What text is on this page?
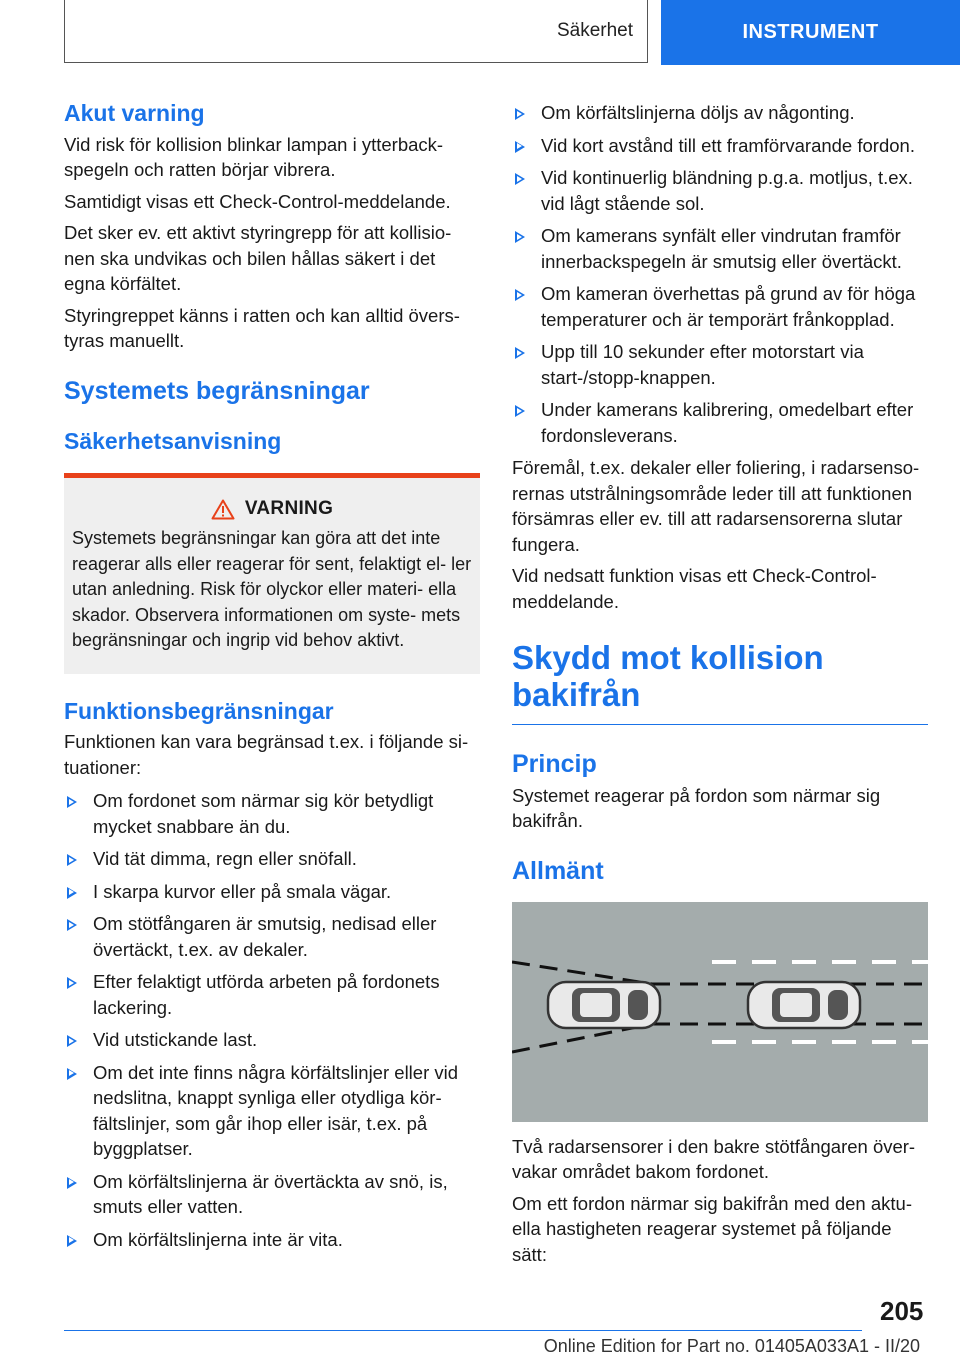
Säkerhet	INSTRUMENT
Akut varning

Vid risk för kollision blinkar lampan i ytterback- spegeln och ratten börjar vibrera.

Samtidigt visas ett Check-Control-meddelande.

Det sker ev. ett aktivt styringrepp för att kollisio- nen ska undvikas och bilen hållas säkert i det egna körfältet.

Styringreppet känns i ratten och kan alltid övers- tyras manuellt.

Systemets begränsningar
Säkerhetsanvisning
VARNING

Systemets begränsningar kan göra att det inte reagerar alls eller reagerar för sent, felaktigt el- ler utan anledning. Risk för olyckor eller materi- ella skador. Observera informationen om syste- mets begränsningar och ingrip vid behov aktivt.

Funktionsbegränsningar

Funktionen kan vara begränsad t.ex. i följande si- tuationer:

Om fordonet som närmar sig kör betydligt mycket snabbare än du.
Vid tät dimma, regn eller snöfall.
I skarpa kurvor eller på smala vägar.
Om stötfångaren är smutsig, nedisad eller övertäckt, t.ex. av dekaler.
Efter felaktigt utförda arbeten på fordonets lackering.
Vid utstickande last.
Om det inte finns några körfältslinjer eller vid nedslitna, knappt synliga eller otydliga kör- fältslinjer, som går ihop eller isär, t.ex. på byggplatser.
Om körfältslinjerna är övertäckta av snö, is, smuts eller vatten.
Om körfältslinjerna inte är vita.
Om körfältslinjerna döljs av någonting.
Vid kort avstånd till ett framförvarande fordon.
Vid kontinuerlig bländning p.g.a. motljus, t.ex. vid lågt stående sol.
Om kamerans synfält eller vindrutan framför innerbackspegeln är smutsig eller övertäckt.
Om kameran överhettas på grund av för höga temperaturer och är temporärt frånkopplad.
Upp till 10 sekunder efter motorstart via start-/stopp-knappen.
Under kamerans kalibrering, omedelbart efter fordonsleverans.

Föremål, t.ex. dekaler eller foliering, i radarsenso- rernas utstrålningsområde leder till att funktionen försämras eller ev. till att radarsensorerna slutar fungera.

Vid nedsatt funktion visas ett Check-Control- meddelande.

Skydd mot kollision
bakifrån
Princip

Systemet reagerar på fordon som närmar sig bakifrån.

Allmänt

Två radarsensorer i den bakre stötfångaren över- vakar området bakom fordonet.

Om ett fordon närmar sig bakifrån med den aktu- ella hastigheten reagerar systemet på följande sätt:

205
Online Edition for Part no. 01405A033A1 - II/20
